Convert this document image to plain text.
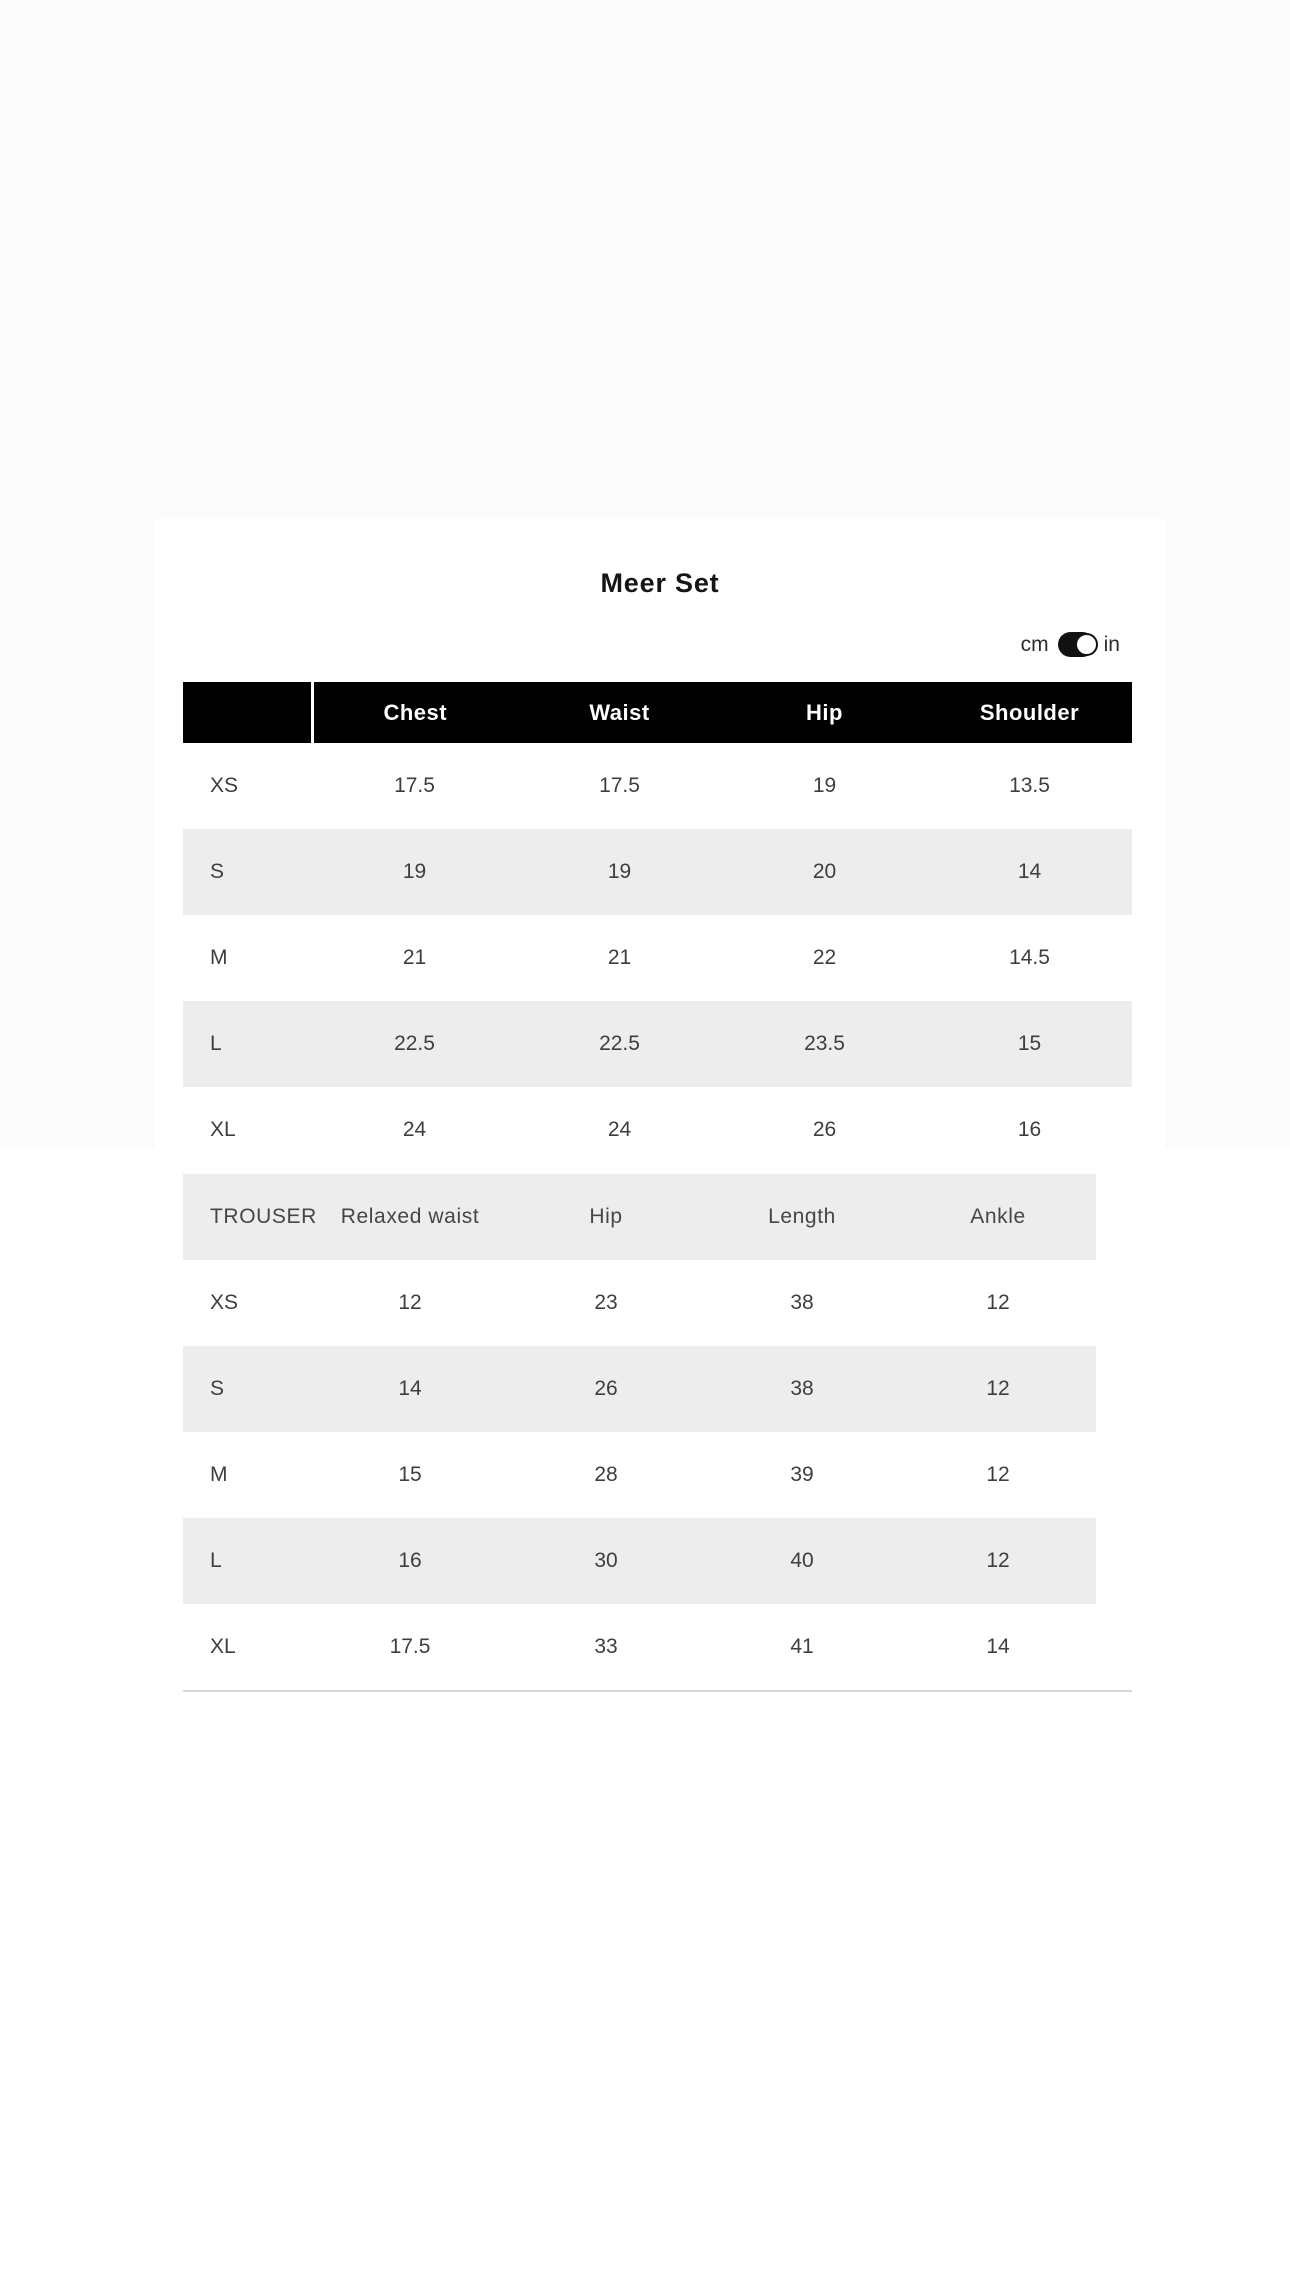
Meer Set
cm	in
	Chest	Waist	Hip	Shoulder
XS	17.5	17.5	19	13.5
S	19	19	20	14
M	21	21	22	14.5
L	22.5	22.5	23.5	15
XL	24	24	26	16
TROUSER	Relaxed waist	Hip	Length	Ankle
XS	12	23	38	12
S	14	26	38	12
M	15	28	39	12
L	16	30	40	12
XL	17.5	33	41	14
